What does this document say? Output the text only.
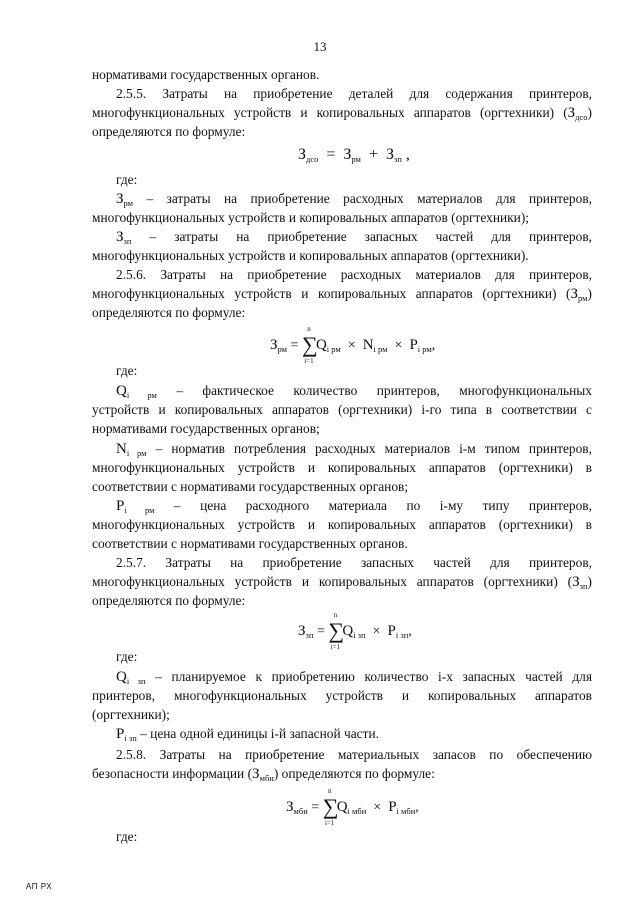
13
нормативами государственных органов.
2.5.5. Затраты на приобретение деталей для содержания принтеров,
многофункциональных устройств и копировальных аппаратов (оргтехники) $(З_{дсо})$
определяются по формуле:
$З_{дсо} = З_{рм} + З_{зп}$ ,
где:
$З_{рм}$ – затраты на приобретение расходных материалов для принтеров,
многофункциональных устройств и копировальных аппаратов (оргтехники);
$З_{зп}$ – затраты на приобретение запасных частей для принтеров,
многофункциональных устройств и копировальных аппаратов (оргтехники).
2.5.6. Затраты на приобретение расходных материалов для принтеров,
многофункциональных устройств и копировальных аппаратов (оргтехники) $(З_{рм})$
определяются по формуле:
$З_{рм}$ =
n
∑
i=1
$Q_{i рм} \times N_{i рм} \times P_{i рм}$,
где:
$Q_{i рм}$ – фактическое количество принтеров, многофункциональных
устройств и копировальных аппаратов (оргтехники) i-го типа в соответствии с
нормативами государственных органов;
$N_{i рм}$ – норматив потребления расходных материалов i-м типом принтеров,
многофункциональных устройств и копировальных аппаратов (оргтехники) в
соответствии с нормативами государственных органов;
$P_{i рм}$ – цена расходного материала по i-му типу принтеров,
многофункциональных устройств и копировальных аппаратов (оргтехники) в
соответствии с нормативами государственных органов.
2.5.7. Затраты на приобретение запасных частей для принтеров,
многофункциональных устройств и копировальных аппаратов (оргтехники) $(З_{зп})$
определяются по формуле:
$З_{зп}$ =
n
∑
i=1
$Q_{i зп} \times P_{i зп}$,
где:
$Q_{i зп}$ – планируемое к приобретению количество i-х запасных частей для
принтеров, многофункциональных устройств и копировальных аппаратов
(оргтехники);
$P_{i зп}$ – цена одной единицы i-й запасной части.
2.5.8. Затраты на приобретение материальных запасов по обеспечению
безопасности информации $(З_{мби})$ определяются по формуле:
$З_{мби}$ =
n
∑
i=1
$Q_{i мби} \times P_{i мби}$,
где:
АП РХ
